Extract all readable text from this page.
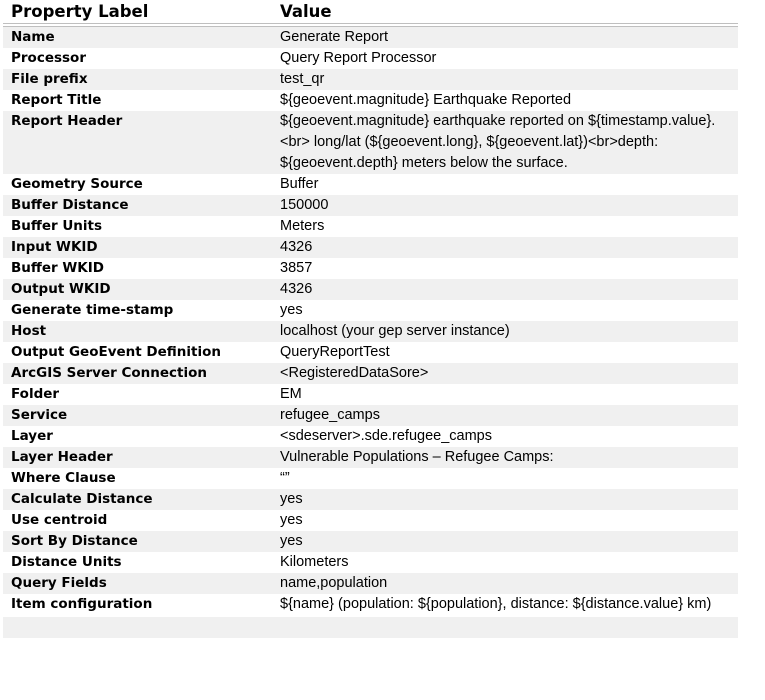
Property Label	Value
Name	Generate Report
Processor	Query Report Processor
File prefix	test_qr
Report Title	${geoevent.magnitude} Earthquake Reported
Report Header	${geoevent.magnitude} earthquake reported on ${timestamp.value}.<br> long/lat (${geoevent.long}, ${geoevent.lat})<br>depth: ${geoevent.depth} meters below the surface.
Geometry Source	Buffer
Buffer Distance	150000
Buffer Units	Meters
Input WKID	4326
Buffer WKID	3857
Output WKID	4326
Generate time-stamp	yes
Host	localhost (your gep server instance)
Output GeoEvent Definition	QueryReportTest
ArcGIS Server Connection	<RegisteredDataSore>
Folder	EM
Service	refugee_camps
Layer	<sdeserver>.sde.refugee_camps
Layer Header	Vulnerable Populations – Refugee Camps:
Where Clause	“”
Calculate Distance	yes
Use centroid	yes
Sort By Distance	yes
Distance Units	Kilometers
Query Fields	name,population
Item configuration	${name} (population: ${population}, distance: ${distance.value} km)
